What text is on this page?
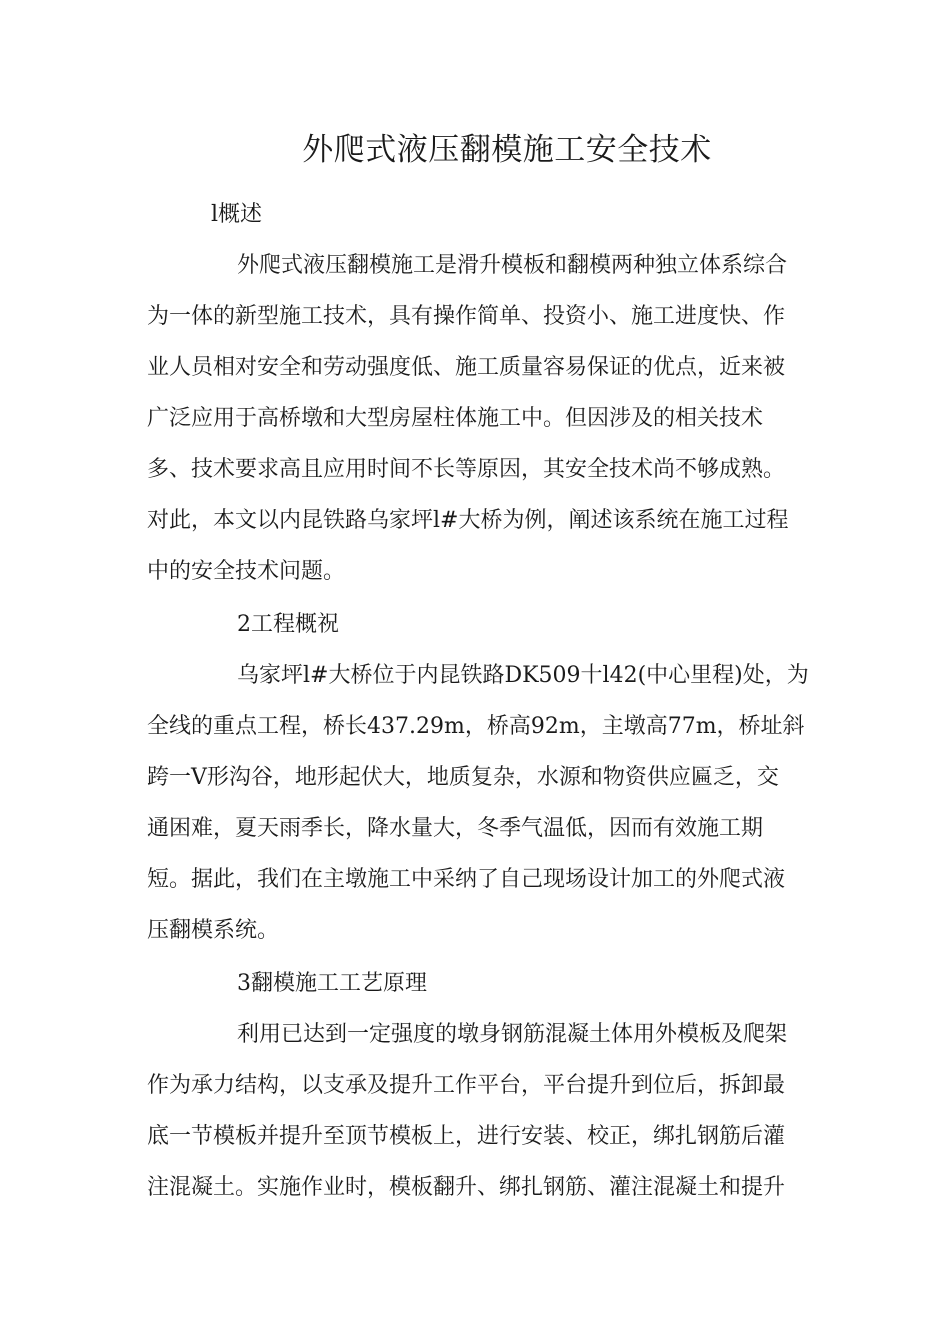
外爬式液压翻模施工安全技术

l概述

外爬式液压翻模施工是滑升模板和翻模两种独立体系综合

为一体的新型施工技术，具有操作简单、投资小、施工进度快、作

业人员相对安全和劳动强度低、施工质量容易保证的优点，近来被

广泛应用于高桥墩和大型房屋柱体施工中。但因涉及的相关技术

多、技术要求高且应用时间不长等原因，其安全技术尚不够成熟。

对此，本文以内昆铁路乌家坪l#大桥为例，阐述该系统在施工过程

中的安全技术问题。

2工程概祝

乌家坪l#大桥位于内昆铁路DK509十l42(中心里程)处，为

全线的重点工程，桥长437.29m，桥高92m，主墩高77m，桥址斜

跨一V形沟谷，地形起伏大，地质复杂，水源和物资供应匾乏，交

通困难，夏天雨季长，降水量大，冬季气温低，因而有效施工期

短。据此，我们在主墩施工中采纳了自己现场设计加工的外爬式液

压翻模系统。

3翻模施工工艺原理

利用已达到一定强度的墩身钢筋混凝土体用外模板及爬架

作为承力结构，以支承及提升工作平台，平台提升到位后，拆卸最

底一节模板并提升至顶节模板上，进行安装、校正，绑扎钢筋后灌

注混凝土。实施作业时，模板翻升、绑扎钢筋、灌注混凝土和提升
